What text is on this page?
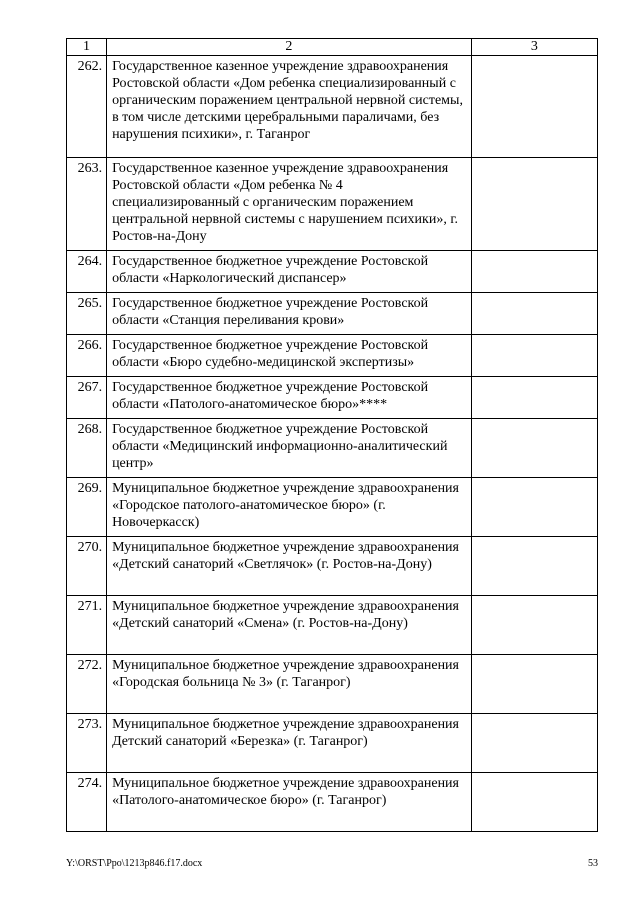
1	2	3
262.	Государственное казенное учреждение здравоохранения Ростовской области «Дом ребенка специализированный с органическим поражением центральной нервной системы, в том числе детскими церебральными параличами, без нарушения психики», г. Таганрог	
263.	Государственное казенное учреждение здравоохранения Ростовской области «Дом ребенка № 4 специализированный с органическим поражением центральной нервной системы с нарушением психики», г. Ростов-на-Дону	
264.	Государственное бюджетное учреждение Ростовской области «Наркологический диспансер»	
265.	Государственное бюджетное учреждение Ростовской области «Станция переливания крови»	
266.	Государственное бюджетное учреждение Ростовской области «Бюро судебно-медицинской экспертизы»	
267.	Государственное бюджетное учреждение Ростовской области «Патолого-анатомическое бюро»****	
268.	Государственное бюджетное учреждение Ростовской области «Медицинский информационно-аналитический центр»	
269.	Муниципальное бюджетное учреждение здравоохранения «Городское патолого-анатомическое бюро» (г. Новочеркасск)	
270.	Муниципальное бюджетное учреждение здравоохранения «Детский санаторий «Светлячок» (г. Ростов-на-Дону)	
271.	Муниципальное бюджетное учреждение здравоохранения «Детский санаторий «Смена» (г. Ростов-на-Дону)	
272.	Муниципальное бюджетное учреждение здравоохранения «Городская больница № 3» (г. Таганрог)	
273.	Муниципальное бюджетное учреждение здравоохранения Детский санаторий «Березка» (г. Таганрог)	
274.	Муниципальное бюджетное учреждение здравоохранения «Патолого-анатомическое бюро» (г. Таганрог)	
Y:\ORST\Ppo\1213p846.f17.docx	53
